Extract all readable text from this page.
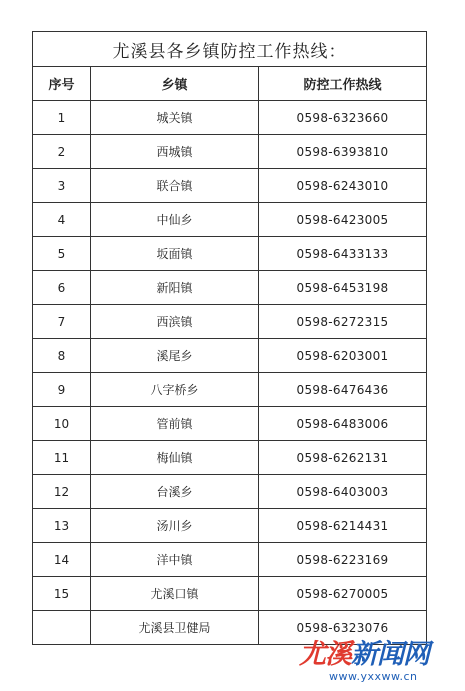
尤溪县各乡镇防控工作热线：		
序号	乡镇	防控工作热线
1	城关镇	0598-6323660
2	西城镇	0598-6393810
3	联合镇	0598-6243010
4	中仙乡	0598-6423005
5	坂面镇	0598-6433133
6	新阳镇	0598-6453198
7	西滨镇	0598-6272315
8	溪尾乡	0598-6203001
9	八字桥乡	0598-6476436
10	管前镇	0598-6483006
11	梅仙镇	0598-6262131
12	台溪乡	0598-6403003
13	汤川乡	0598-6214431
14	洋中镇	0598-6223169
15	尤溪口镇	0598-6270005
	尤溪县卫健局	0598-6323076
尤溪新闻网
www.yxxww.cn
